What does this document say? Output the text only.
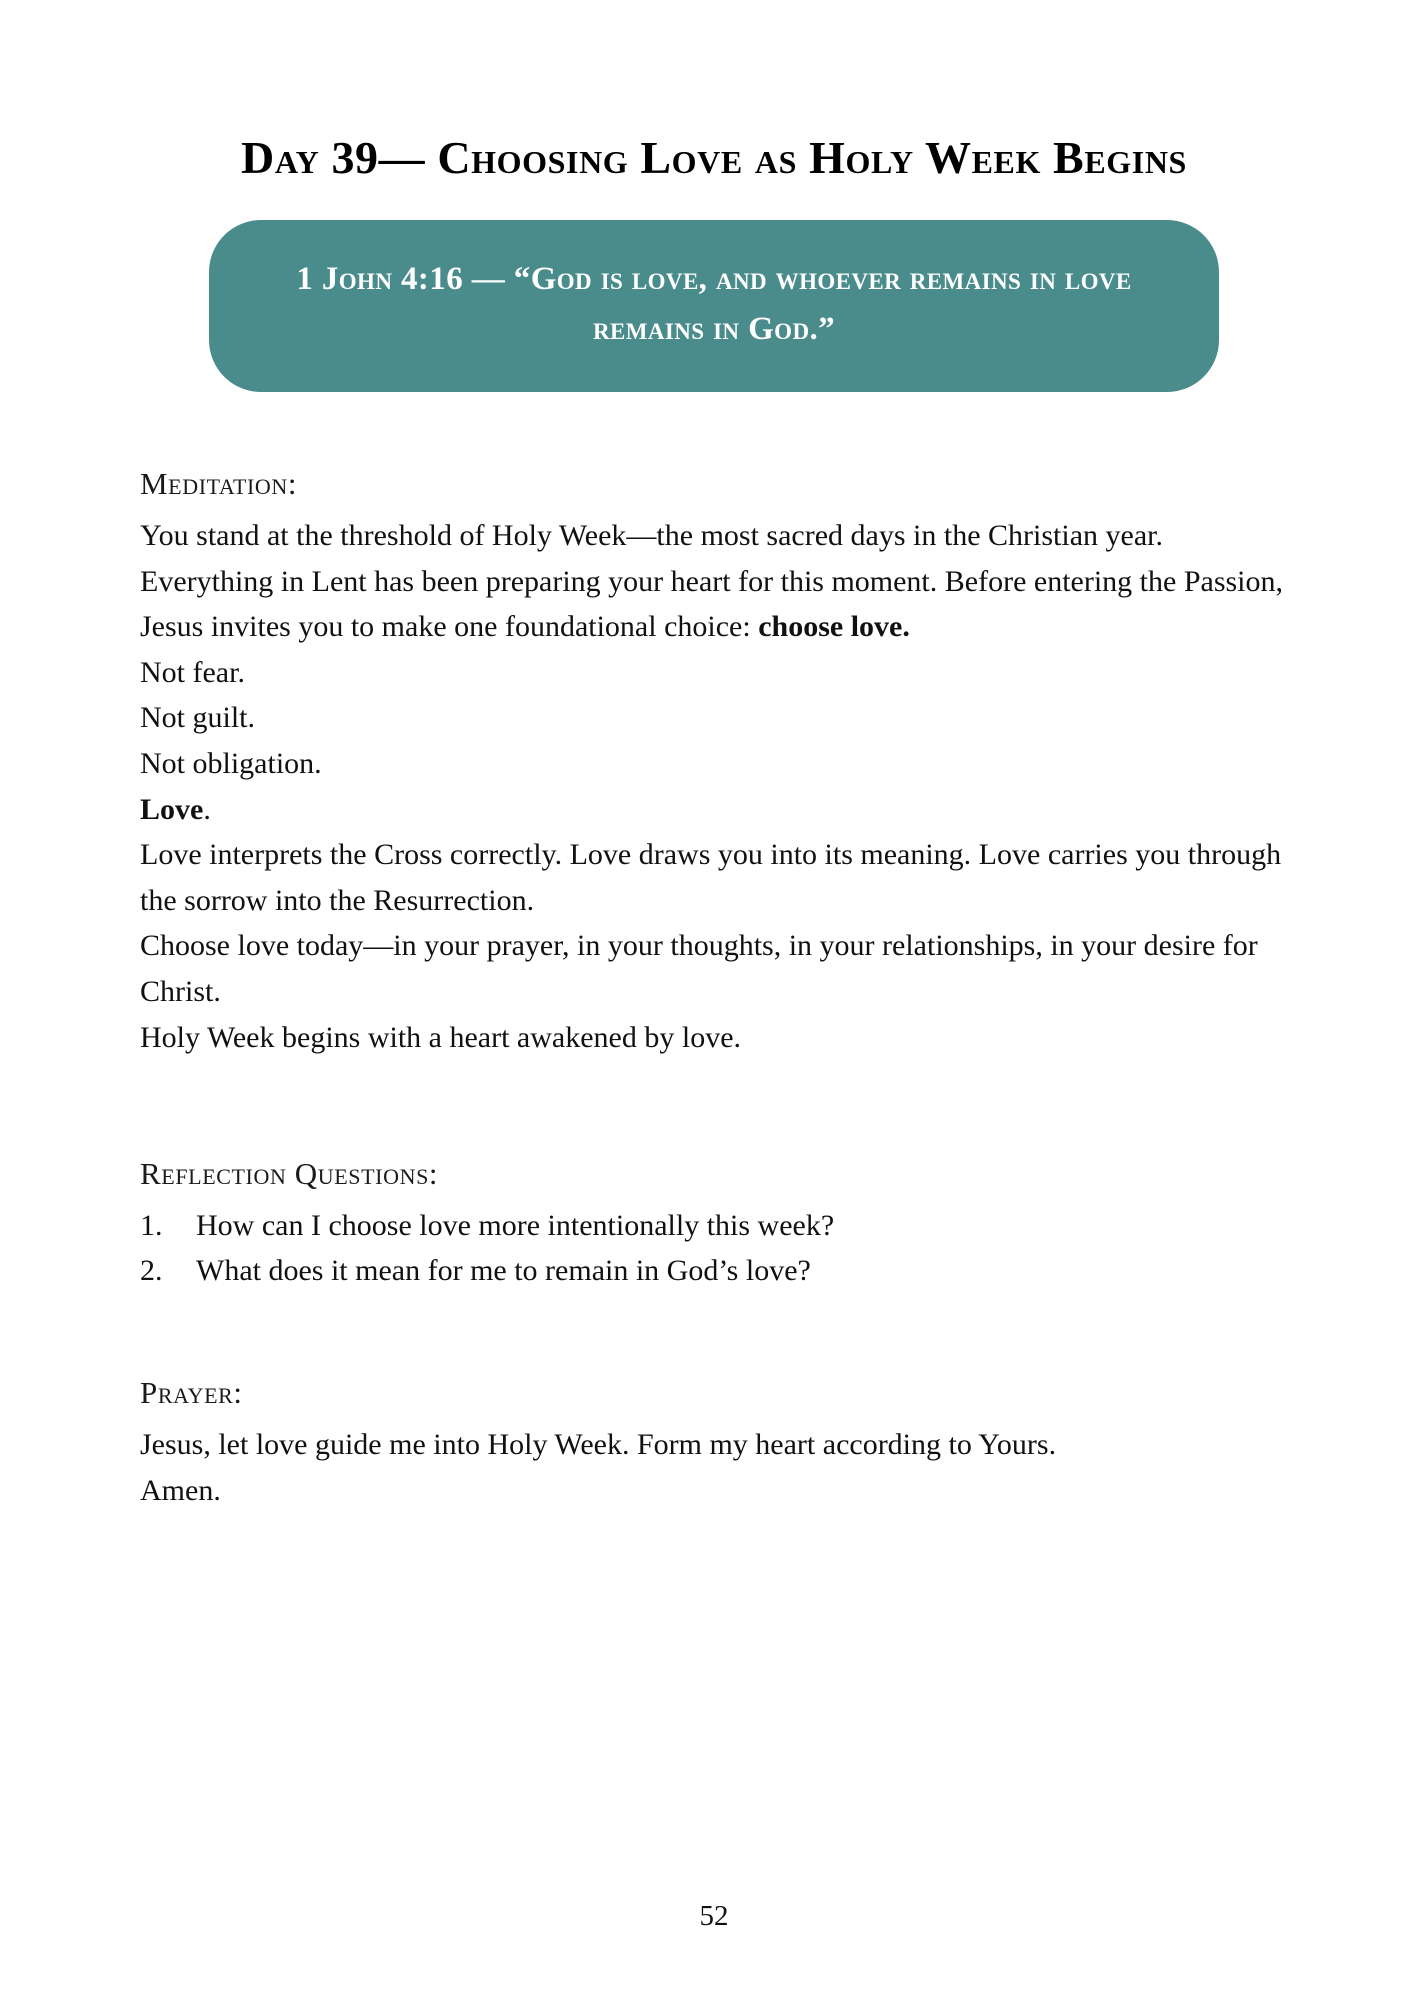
Day 39— Choosing Love as Holy Week Begins

1 John 4:16 — “God is love, and whoever remains in love remains in God.”

Meditation:

You stand at the threshold of Holy Week—the most sacred days in the Christian year. Everything in Lent has been preparing your heart for this moment. Before entering the Passion, Jesus invites you to make one foundational choice: choose love.

Not fear.

Not guilt.

Not obligation.

Love.

Love interprets the Cross correctly. Love draws you into its meaning. Love carries you through the sorrow into the Resurrection.

Choose love today—in your prayer, in your thoughts, in your relationships, in your desire for Christ.

Holy Week begins with a heart awakened by love.

Reflection Questions:
1.	How can I choose love more intentionally this week?
2.	What does it mean for me to remain in God’s love?
Prayer:

Jesus, let love guide me into Holy Week. Form my heart according to Yours.

Amen.

52
